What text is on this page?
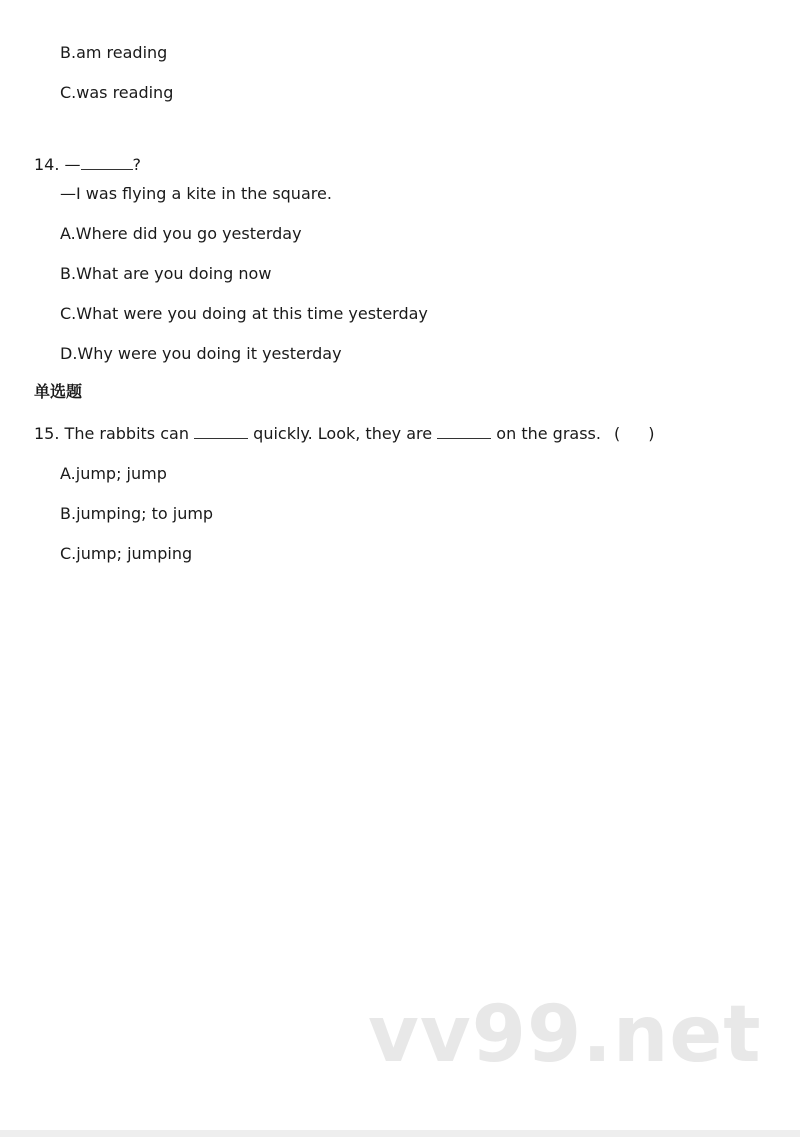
B.am reading
C.was reading
14. —	?
—I was flying a kite in the square.
A.Where did you go yesterday
B.What are you doing now
C.What were you doing at this time yesterday
D.Why were you doing it yesterday
单选题
15. The rabbits can	quickly. Look, they are	on the grass. ( )
A.jump; jump
B.jumping; to jump
C.jump; jumping
vv99.net
